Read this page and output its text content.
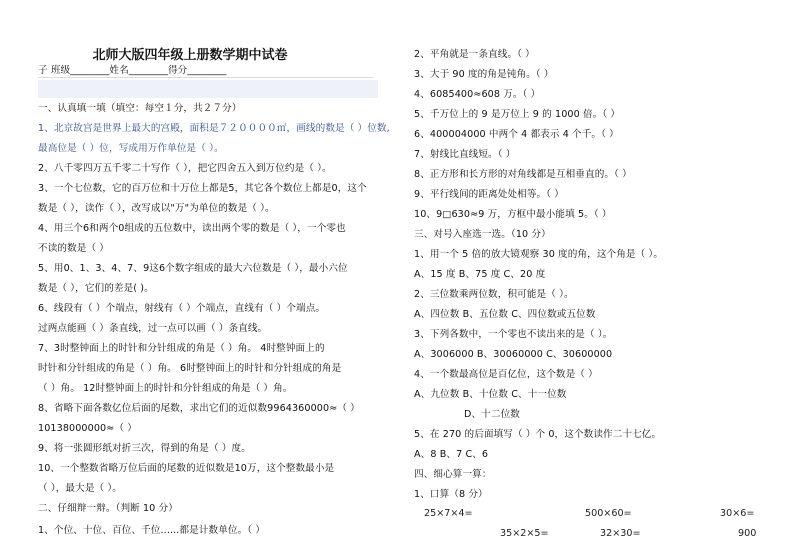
北师大版四年级上册数学期中试卷
子 班级________姓名________得分________
一、认真填一填（填空：每空１分，共２７分）
1、北京故宫是世界上最大的宫殿，面积是７２００００㎡，画线的数是（ ）位数,
最高位是（ ）位，写成用万作单位是（ ）。
2、八千零四万五千零二十写作（ ），把它四舍五入到万位约是（ ）。
3、一个七位数，它的百万位和十万位上都是5，其它各个数位上都是0，这个
数是（ ），读作（ ），改写成以"万"为单位的数是（ ）。
4、用三个6和两个0组成的五位数中，读出两个零的数是（ ），一个零也
不读的数是（ ）
5、用0、1、3、4、7、9这6个数字组成的最大六位数是（ ），最小六位
数是（ ），它们的差是( )。
6、线段有（ ）个端点，射线有（ ）个端点，直线有（ ）个端点。
过两点能画（ ）条直线，过一点可以画（ ）条直线。
7、3时整钟面上的时针和分针组成的角是（ ）角。 4时整钟面上的
时针和分针组成的角是（ ）角。 6时整钟面上的时针和分针组成的角是
（ ）角。 12时整钟面上的时针和分针组成的角是（ ）角。
8、省略下面各数亿位后面的尾数，求出它们的近似数9964360000≈（ ）
10138000000≈（ ）
9、将一张圆形纸对折三次，得到的角是（ ）度。
10、一个整数省略万位后面的尾数的近似数是10万，这个整数最小是
（ ），最大是（ ）。
二、仔细辩一辩。（判断 10 分）
1、个位、十位、百位、千位......都是计数单位。（ ）
2、平角就是一条直线。（ ）
3、大于 90 度的角是钝角。（ ）
4、6085400≈608 万。（ ）
5、千万位上的 9 是万位上 9 的 1000 倍。（ ）
6、400004000 中两个 4 都表示 4 个千。（ ）
7、射线比直线短。（ ）
8、正方形和长方形的对角线都是互相垂直的。（ ）
9、平行线间的距离处处相等。（ ）
10、9□630≈9 万，方框中最小能填 5。（ ）
三、对号入座选一选。（10 分）
1、用一个 5 倍的放大镜观察 30 度的角，这个角是（ ）。
A、15 度 B、75 度 C、20 度
2、三位数乘两位数，积可能是（ ）。
A、四位数 B、五位数 C、四位数或五位数
3、下列各数中，一个零也不读出来的是（ ）。
A、3006000 B、30060000 C、30600000
4、一个数最高位是百亿位，这个数是（ ）
A、九位数 B、十位数 C、十一位数
D、十二位数
5、在 270 的后面填写（ ）个 0，这个数读作二十七亿。
A、8 B、7 C、6
四、细心算一算：
1、口算（8 分）
25×7×4=	500×60=	30×6=
35×2×5=	32×30=	900
